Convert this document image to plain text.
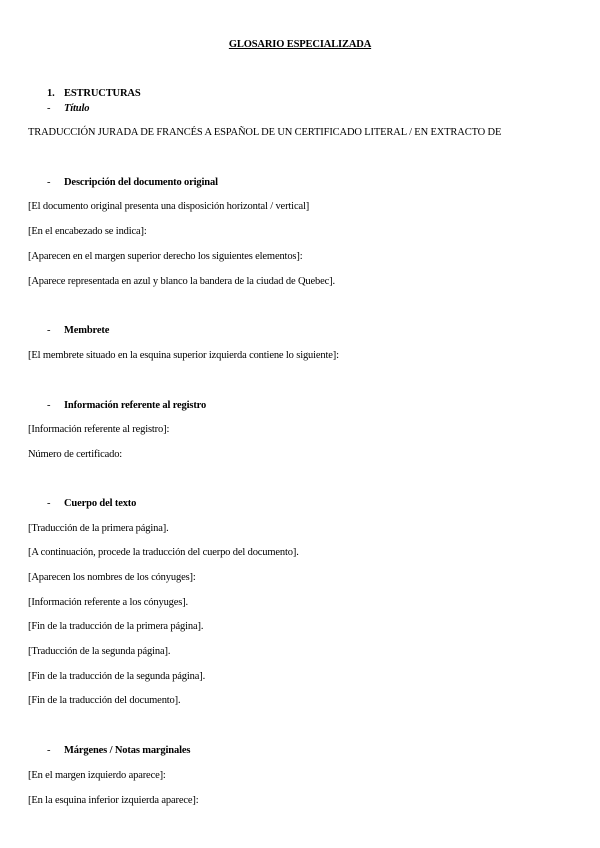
GLOSARIO ESPECIALIZADA
1. ESTRUCTURAS
- Título
TRADUCCIÓN JURADA DE FRANCÉS A ESPAÑOL DE UN CERTIFICADO LITERAL / EN EXTRACTO DE
- Descripción del documento original
[El documento original presenta una disposición horizontal / vertical]
[En el encabezado se indica]:
[Aparecen en el margen superior derecho los siguientes elementos]:
[Aparece representada en azul y blanco la bandera de la ciudad de Quebec].
- Membrete
[El membrete situado en la esquina superior izquierda contiene lo siguiente]:
- Información referente al registro
[Información referente al registro]:
Número de certificado:
- Cuerpo del texto
[Traducción de la primera página].
[A continuación, procede la traducción del cuerpo del documento].
[Aparecen los nombres de los cónyuges]:
[Información referente a los cónyuges].
[Fin de la traducción de la primera página].
[Traducción de la segunda página].
[Fin de la traducción de la segunda página].
[Fin de la traducción del documento].
- Márgenes / Notas marginales
[En el margen izquierdo aparece]:
[En la esquina inferior izquierda aparece]:
